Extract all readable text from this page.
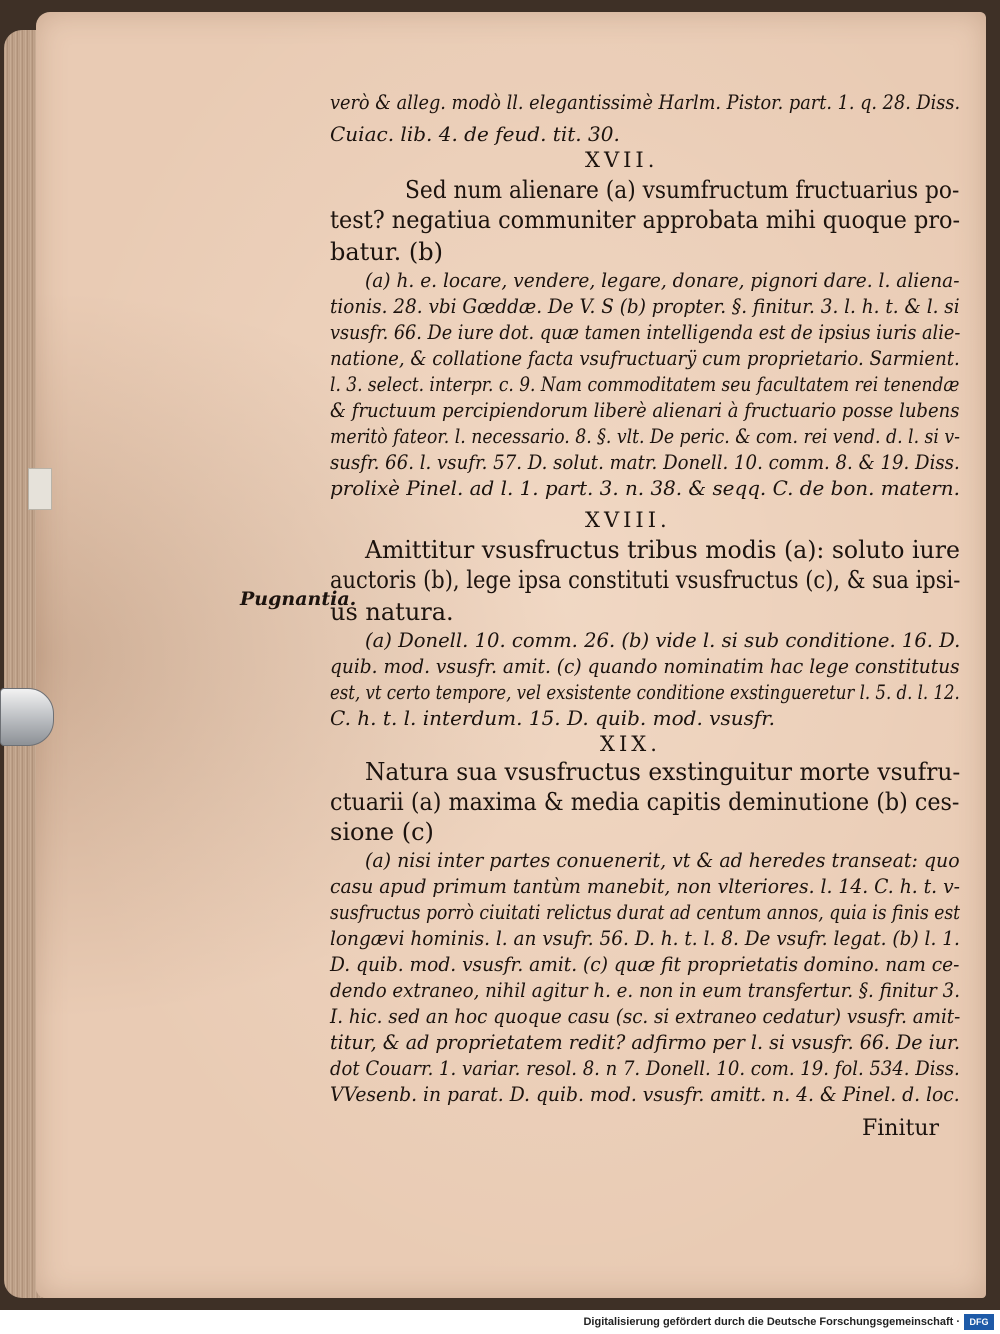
verò & alleg. modò ll. elegantissimè Harlm. Pistor. part. 1. q. 28. Diss.
Cuiac. lib. 4. de feud. tit. 30.
XVII.
Sed num alienare (a) vsumfructum fructuarius po-
test? negatiua communiter approbata mihi quoque pro-
batur. (b)
(a) h. e. locare, vendere, legare, donare, pignori dare. l. aliena-
tionis. 28. vbi Gœddæ. De V. S (b) propter. §. finitur. 3. l. h. t. & l. si
vsusfr. 66. De iure dot. quæ tamen intelligenda est de ipsius iuris alie-
natione, & collatione facta vsufructuarÿ cum proprietario. Sarmient.
l. 3. select. interpr. c. 9. Nam commoditatem seu facultatem rei tenendæ
& fructuum percipiendorum liberè alienari à fructuario posse lubens
meritò fateor. l. necessario. 8. §. vlt. De peric. & com. rei vend. d. l. si v-
susfr. 66. l. vsufr. 57. D. solut. matr. Donell. 10. comm. 8. & 19. Diss.
prolixè Pinel. ad l. 1. part. 3. n. 38. & seqq. C. de bon. matern.
XVIII.
Amittitur vsusfructus tribus modis (a): soluto iure
auctoris (b), lege ipsa constituti vsusfructus (c), & sua ipsi-
us natura.
(a) Donell. 10. comm. 26. (b) vide l. si sub conditione. 16. D.
quib. mod. vsusfr. amit. (c) quando nominatim hac lege constitutus
est, vt certo tempore, vel exsistente conditione exstingueretur l. 5. d. l. 12.
C. h. t. l. interdum. 15. D. quib. mod. vsusfr.
XIX.
Natura sua vsusfructus exstinguitur morte vsufru-
ctuarii (a) maxima & media capitis deminutione (b) ces-
sione (c)
(a) nisi inter partes conuenerit, vt & ad heredes transeat: quo
casu apud primum tantùm manebit, non vlteriores. l. 14. C. h. t. v-
susfructus porrò ciuitati relictus durat ad centum annos, quia is finis est
longævi hominis. l. an vsufr. 56. D. h. t. l. 8. De vsufr. legat. (b) l. 1.
D. quib. mod. vsusfr. amit. (c) quæ fit proprietatis domino. nam ce-
dendo extraneo, nihil agitur h. e. non in eum transfertur. §. finitur 3.
I. hic. sed an hoc quoque casu (sc. si extraneo cedatur) vsusfr. amit-
titur, & ad proprietatem redit? adfirmo per l. si vsusfr. 66. De iur.
dot Couarr. 1. variar. resol. 8. n 7. Donell. 10. com. 19. fol. 534. Diss.
VVesenb. in parat. D. quib. mod. vsusfr. amitt. n. 4. & Pinel. d. loc.
Pugnantia.
Finitur
Digitalisierung gefördert durch die Deutsche Forschungsgemeinschaft ·	DFG
